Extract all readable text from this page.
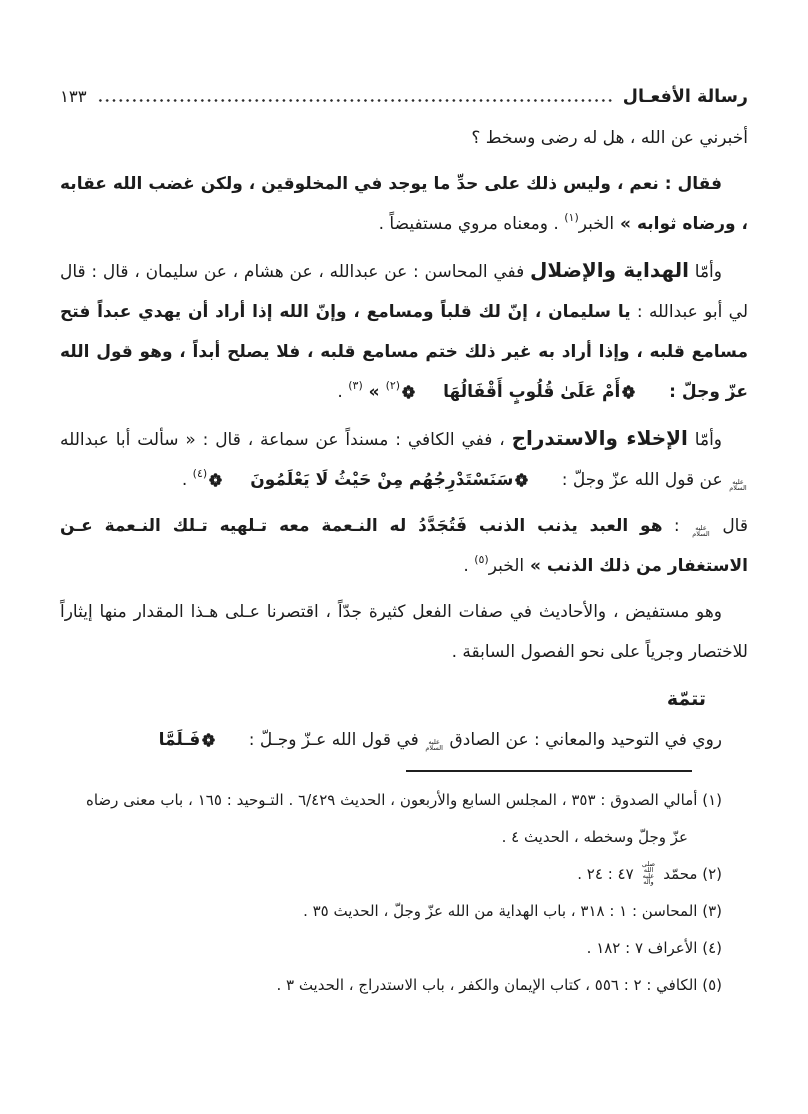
رسالة الأفعـال
١٣٣

أخبرني عن الله ، هل له رضى وسخط ؟

فقال : نعم ، وليس ذلك على حدِّ ما يوجد في المخلوقين ، ولكن غضب الله عقابه ، ورضاه ثوابه » الخبر$^{(١)}$ . ومعناه مروي مستفيضاً .

وأمّا الهداية والإضلال ففي المحاسن : عن عبدالله ، عن هشام ، عن سليمان ، قال : قال لي أبو عبدالله : يا سليمان ، إنّ لك قلباً ومسامع ، وإنّ الله إذا أراد أن يهدي عبداً فتح مسامع قلبه ، وإذا أراد به غير ذلك ختم مسامع قلبه ، فلا يصلح أبداً ، وهو قول الله عزّ وجلّ : أَمْ عَلَىٰ قُلُوبٍ أَقْفَالُهَا$^{(٢)}$ » $^{(٣)}$ .

وأمّا الإخلاء والاستدراج ، ففي الكافي : مسنداً عن سماعة ، قال : « سألت أبا عبدالله عليه السلام عن قول الله عزّ وجلّ : سَنَسْتَدْرِجُهُم مِنْ حَيْثُ لَا يَعْلَمُونَ$^{(٤)}$ .

قال عليه السلام : هو العبد يذنب الذنب فَتُجَدَّدُ له النـعمة معه تـلهيه تـلك النـعمة عـن الاستغفار من ذلك الذنب » الخبر$^{(٥)}$ .

وهو مستفيض ، والأحاديث في صفات الفعل كثيرة جدّاً ، اقتصرنا عـلى هـذا المقدار منها إيثاراً للاختصار وجرياً على نحو الفصول السابقة .

تتمّة

روي في التوحيد والمعاني : عن الصادق عليه السلام في قول الله عـزّ وجـلّ : فَـلَمَّا

(١) أمالي الصدوق : ٣٥٣ ، المجلس السابع والأربعون ، الحديث ٦/٤٢٩ . التـوحيد : ١٦٥ ، باب معنى رضاه عزّ وجلّ وسخطه ، الحديث ٤ .
(٢) محمّد صلى الله عليه وآله ٤٧ : ٢٤ .
(٣) المحاسن : ١ : ٣١٨ ، باب الهداية من الله عزّ وجلّ ، الحديث ٣٥ .
(٤) الأعراف ٧ : ١٨٢ .
(٥) الكافي : ٢ : ٥٥٦ ، كتاب الإيمان والكفر ، باب الاستدراج ، الحديث ٣ .
